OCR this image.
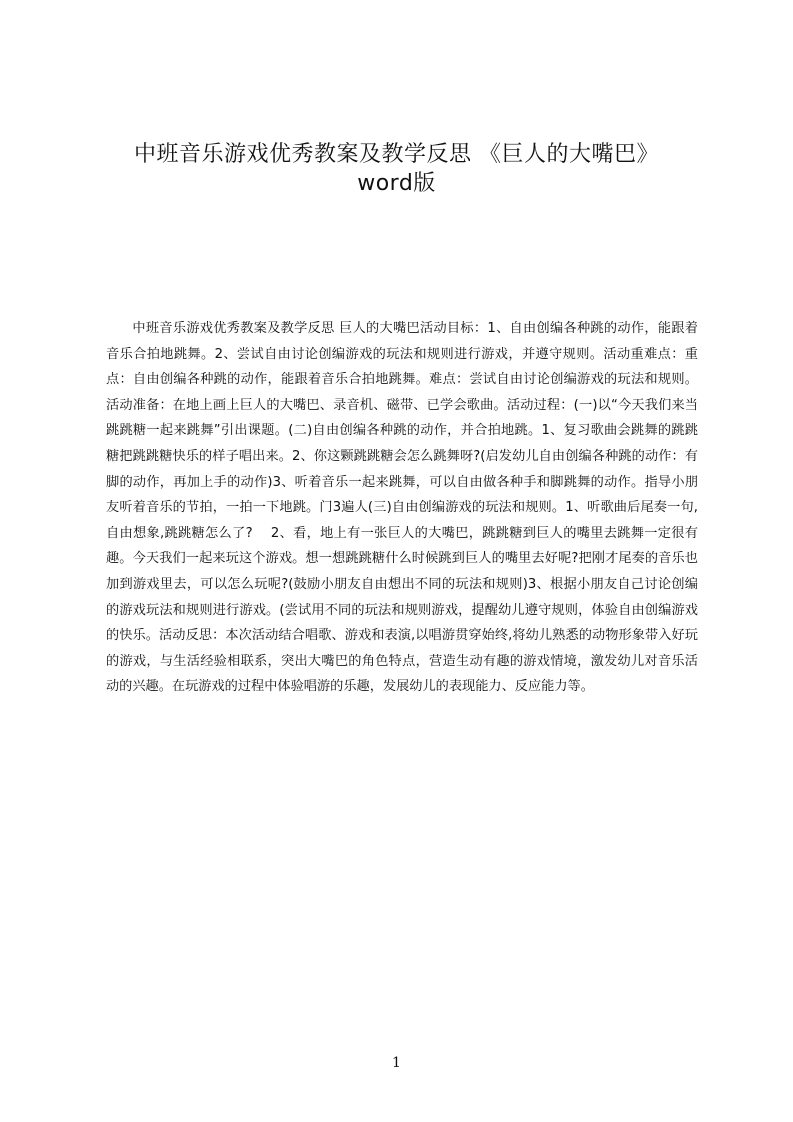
中班音乐游戏优秀教案及教学反思 《巨人的大嘴巴》
word版
中班音乐游戏优秀教案及教学反思 巨人的大嘴巴活动目标：1、自由创编各种跳的动作，能跟着音乐合拍地跳舞。2、尝试自由讨论创编游戏的玩法和规则进行游戏，并遵守规则。活动重难点：重点：自由创编各种跳的动作，能跟着音乐合拍地跳舞。难点：尝试自由讨论创编游戏的玩法和规则。活动准备：在地上画上巨人的大嘴巴、录音机、磁带、已学会歌曲。活动过程：(一)以“今天我们来当跳跳糖一起来跳舞”引出课题。(二)自由创编各种跳的动作，并合拍地跳。1、复习歌曲会跳舞的跳跳糖把跳跳糖快乐的样子唱出来。2、你这颗跳跳糖会怎么跳舞呀?(启发幼儿自由创编各种跳的动作：有脚的动作，再加上手的动作)3、听着音乐一起来跳舞，可以自由做各种手和脚跳舞的动作。指导小朋友听着音乐的节拍，一拍一下地跳。门3遍人(三)自由创编游戏的玩法和规则。1、听歌曲后尾奏一句,自由想象,跳跳糖怎么了?　 2、看，地上有一张巨人的大嘴巴，跳跳糖到巨人的嘴里去跳舞一定很有趣。今天我们一起来玩这个游戏。想一想跳跳糖什么时候跳到巨人的嘴里去好呢?把刚才尾奏的音乐也加到游戏里去，可以怎么玩呢?(鼓励小朋友自由想出不同的玩法和规则)3、根据小朋友自己讨论创编的游戏玩法和规则进行游戏。(尝试用不同的玩法和规则游戏，提醒幼儿遵守规则，体验自由创编游戏的快乐。活动反思：本次活动结合唱歌、游戏和表演,以唱游贯穿始终,将幼儿熟悉的动物形象带入好玩的游戏，与生活经验相联系，突出大嘴巴的角色特点，营造生动有趣的游戏情境，激发幼儿对音乐活动的兴趣。在玩游戏的过程中体验唱游的乐趣，发展幼儿的表现能力、反应能力等。
1
